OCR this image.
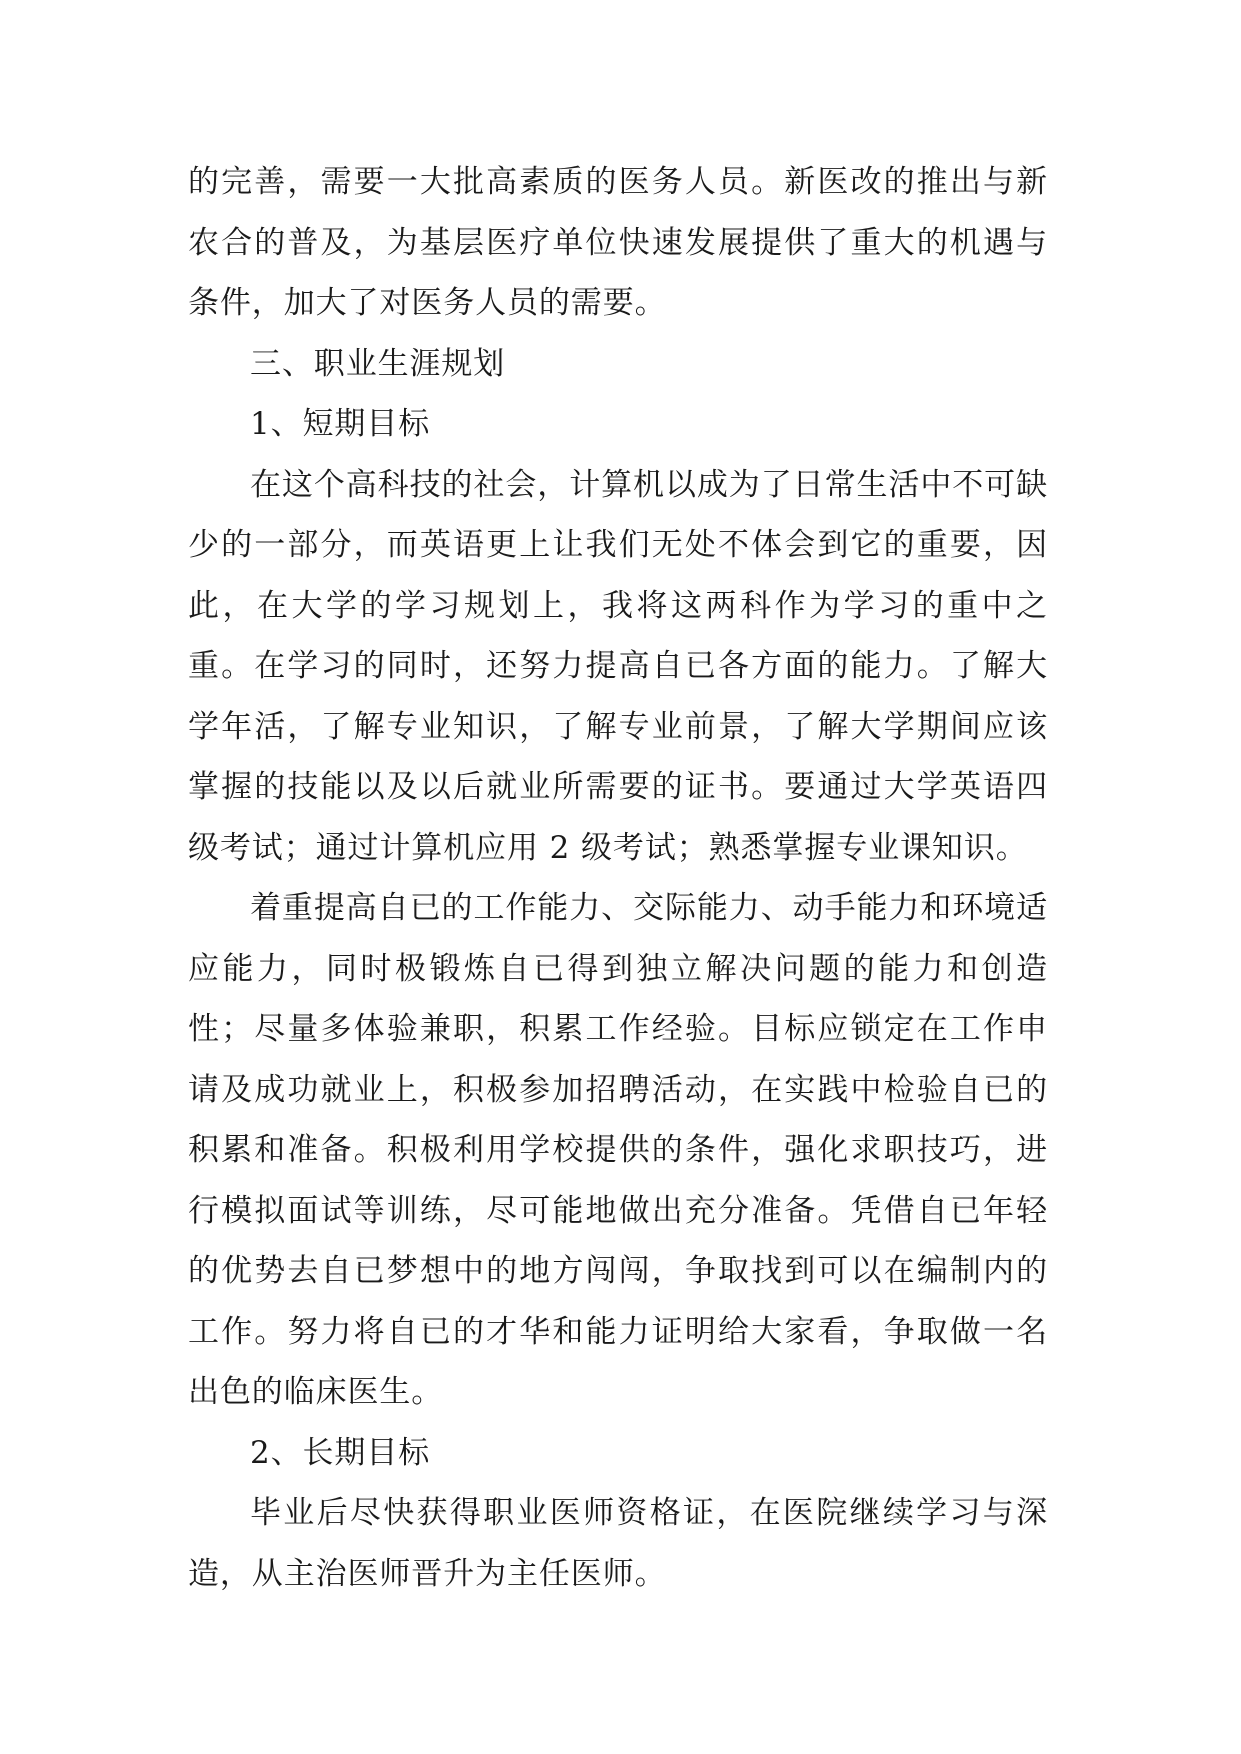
的完善，需要一大批高素质的医务人员。新医改的推出与新农合的普及，为基层医疗单位快速发展提供了重大的机遇与条件，加大了对医务人员的需要。

三、职业生涯规划

1、短期目标

在这个高科技的社会，计算机以成为了日常生活中不可缺少的一部分，而英语更上让我们无处不体会到它的重要，因此，在大学的学习规划上，我将这两科作为学习的重中之重。在学习的同时，还努力提高自已各方面的能力。了解大学年活，了解专业知识，了解专业前景，了解大学期间应该掌握的技能以及以后就业所需要的证书。要通过大学英语四级考试；通过计算机应用 2 级考试；熟悉掌握专业课知识。

着重提高自已的工作能力、交际能力、动手能力和环境适应能力，同时极锻炼自已得到独立解决问题的能力和创造性；尽量多体验兼职，积累工作经验。目标应锁定在工作申请及成功就业上，积极参加招聘活动，在实践中检验自已的积累和准备。积极利用学校提供的条件，强化求职技巧，进行模拟面试等训练，尽可能地做出充分准备。凭借自已年轻的优势去自已梦想中的地方闯闯，争取找到可以在编制内的工作。努力将自已的才华和能力证明给大家看，争取做一名出色的临床医生。

2、长期目标

毕业后尽快获得职业医师资格证，在医院继续学习与深造，从主治医师晋升为主任医师。
